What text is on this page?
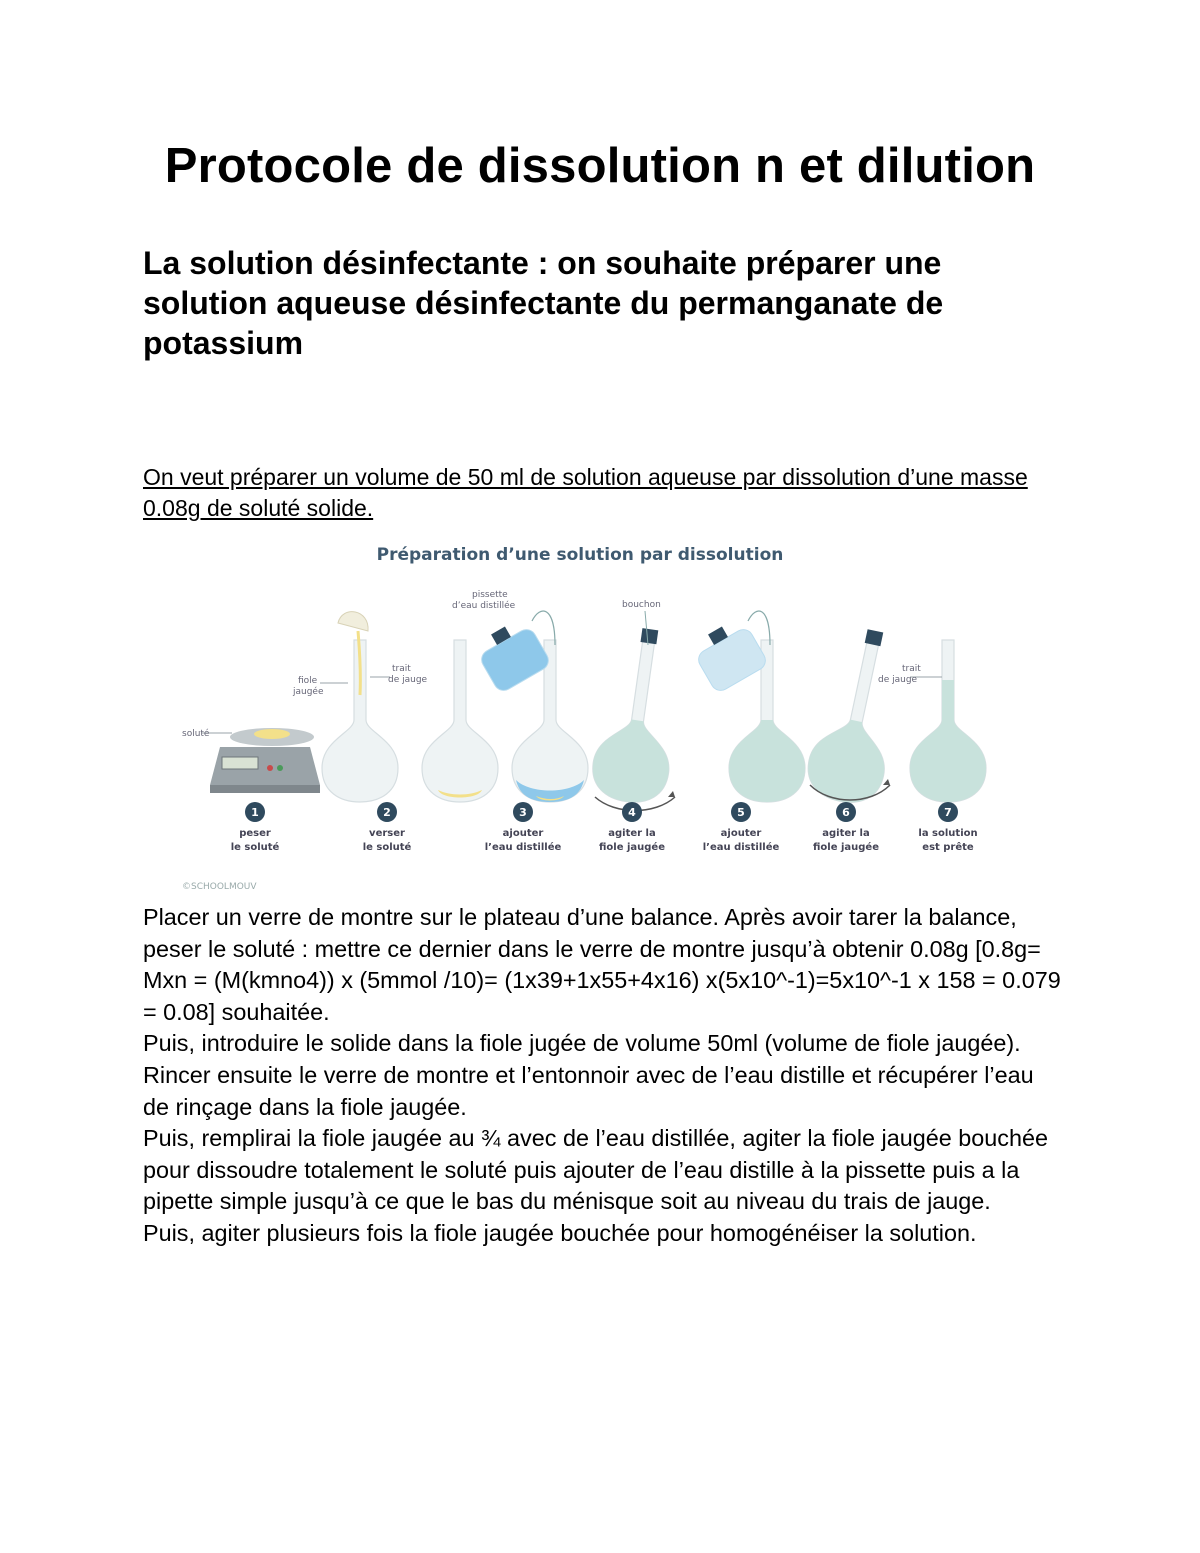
Protocole de dissolution n et dilution
La solution désinfectante : on souhaite préparer une solution aqueuse désinfectante du permanganate de potassium

On veut préparer un volume de 50 ml de solution aqueuse par dissolution d’une masse 0.08g de soluté solide.

Préparation d’une solution par dissolution
soluté
fiole
jaugée
trait
de jauge
pissette
d’eau distillée	bouchon
trait
de jauge
1
peser
le soluté
2
verser
le soluté
3
ajouter
l’eau distillée
4
agiter la
fiole jaugée
5
ajouter
l’eau distillée
6
agiter la
fiole jaugée
7
la solution
est prête
©SCHOOLMOUV

Placer un verre de montre sur le plateau d’une balance. Après avoir tarer la balance, peser le soluté : mettre ce dernier dans le verre de montre jusqu’à obtenir 0.08g [0.8g= Mxn = (M(kmno4)) x (5mmol /10)= (1x39+1x55+4x16) x(5x10^-1)=5x10^-1 x 158 = 0.079 = 0.08] souhaitée.

Puis, introduire le solide dans la fiole jugée de volume 50ml (volume de fiole jaugée).

Rincer ensuite le verre de montre et l’entonnoir avec de l’eau distille et récupérer l’eau de rinçage dans la fiole jaugée.

Puis, remplirai la fiole jaugée au ¾ avec de l’eau distillée, agiter la fiole jaugée bouchée pour dissoudre totalement le soluté puis ajouter de l’eau distille à la pissette puis a la pipette simple jusqu’à ce que le bas du ménisque soit au niveau du trais de jauge.

Puis, agiter plusieurs fois la fiole jaugée bouchée pour homogénéiser la solution.
